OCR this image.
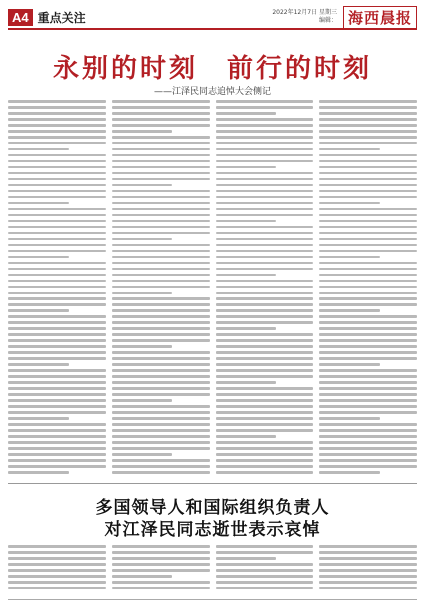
A4 重点关注	2022年12月7日 星期三
编辑： 海西晨报
永别的时刻　前行的时刻
——江泽民同志追悼大会侧记
多国领导人和国际组织负责人
对江泽民同志逝世表示哀悼
